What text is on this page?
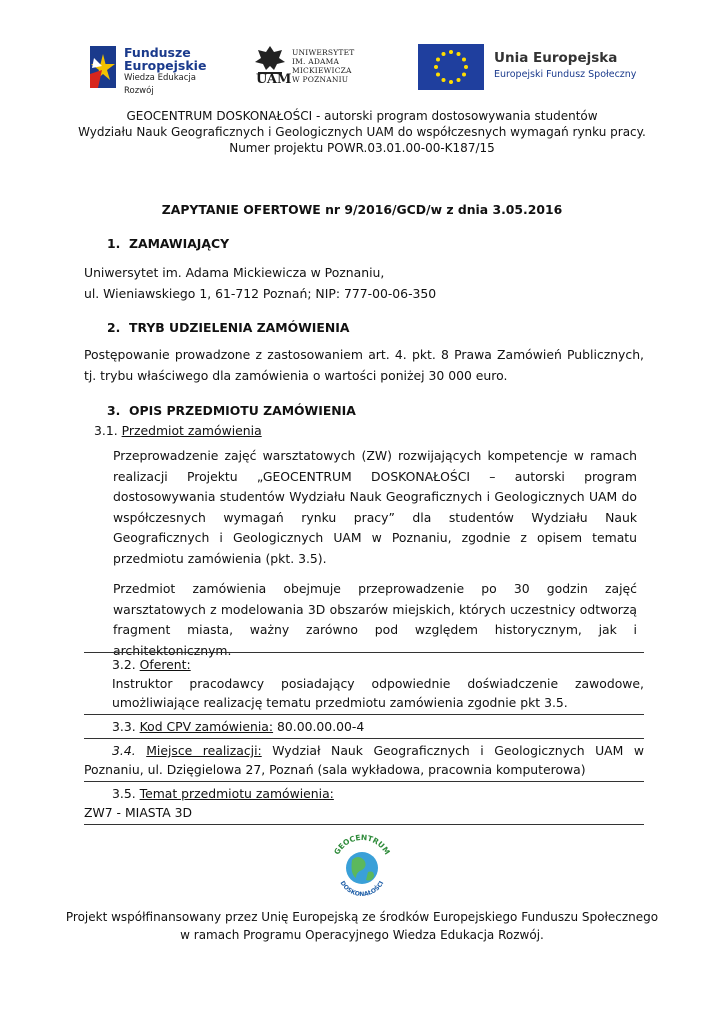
Fundusze
Europejskie
Wiedza Edukacja Rozwój
UAM
UNIWERSYTET
IM. ADAMA MICKIEWICZA
W POZNANIU
Unia Europejska
Europejski Fundusz Społeczny
GEOCENTRUM DOSKONAŁOŚCI - autorski program dostosowywania studentów
Wydziału Nauk Geograficznych i Geologicznych UAM do współczesnych wymagań rynku pracy.
Numer projektu POWR.03.01.00-00-K187/15
ZAPYTANIE OFERTOWE nr 9/2016/GCD/w z dnia 3.05.2016
1. ZAMAWIAJĄCY
Uniwersytet im. Adama Mickiewicza w Poznaniu,
ul. Wieniawskiego 1, 61-712 Poznań; NIP: 777-00-06-350
2. TRYB UDZIELENIA ZAMÓWIENIA

Postępowanie prowadzone z zastosowaniem art. 4. pkt. 8 Prawa Zamówień Publicznych, tj. trybu właściwego dla zamówienia o wartości poniżej 30 000 euro.

3. OPIS PRZEDMIOTU ZAMÓWIENIA
3.1. Przedmiot zamówienia

Przeprowadzenie zajęć warsztatowych (ZW) rozwijających kompetencje w ramach realizacji Projektu „GEOCENTRUM DOSKONAŁOŚCI – autorski program dostosowywania studentów Wydziału Nauk Geograficznych i Geologicznych UAM do współczesnych wymagań rynku pracy” dla studentów Wydziału Nauk Geograficznych i Geologicznych UAM w Poznaniu, zgodnie z opisem tematu przedmiotu zamówienia (pkt. 3.5).

Przedmiot zamówienia obejmuje przeprowadzenie po 30 godzin zajęć warsztatowych z modelowania 3D obszarów miejskich, których uczestnicy odtworzą fragment miasta, ważny zarówno pod względem historycznym, jak i architektonicznym.

3.2. Oferent:

Instruktor pracodawcy posiadający odpowiednie doświadczenie zawodowe, umożliwiające realizację tematu przedmiotu zamówienia zgodnie pkt 3.5.

3.3. Kod CPV zamówienia: 80.00.00.00-4

3.4. Miejsce realizacji: Wydział Nauk Geograficznych i Geologicznych UAM w Poznaniu, ul. Dzięgielowa 27, Poznań (sala wykładowa, pracownia komputerowa)

3.5. Temat przedmiotu zamówienia:
ZW7 - MIASTA 3D
GEOCENTRUM
DOSKONAŁOŚCI
Projekt współfinansowany przez Unię Europejską ze środków Europejskiego Funduszu Społecznego
w ramach Programu Operacyjnego Wiedza Edukacja Rozwój.
